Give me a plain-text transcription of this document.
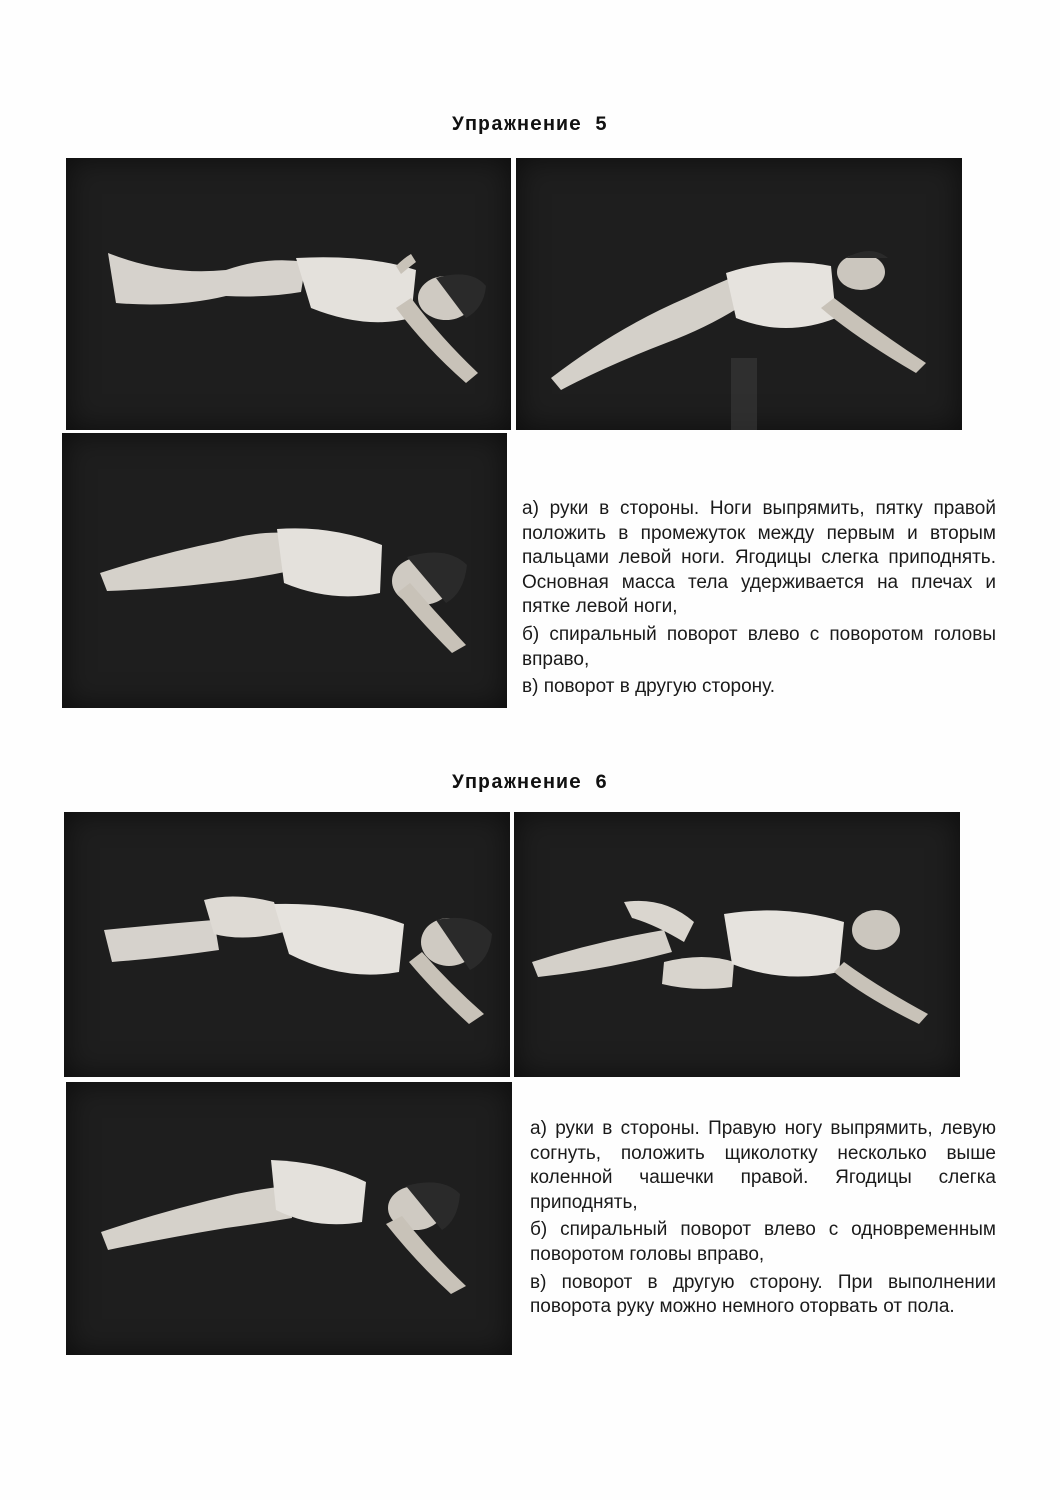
Упражнение 5

а) руки в стороны. Ноги выпрямить, пятку правой положить в промежуток между первым и вторым пальцами левой ноги. Ягодицы слегка приподнять. Основная масса тела удерживается на плечах и пятке левой ноги,

б) спиральный поворот влево с поворотом головы вправо,

в) поворот в другую сторону.

Упражнение 6

а) руки в стороны. Правую ногу выпрямить, левую согнуть, положить щиколотку несколько выше коленной чашечки правой. Ягодицы слегка приподнять,

б) спиральный поворот влево с одновременным поворотом головы вправо,

в) поворот в другую сторону. При выполнении поворота руку можно немного оторвать от пола.
